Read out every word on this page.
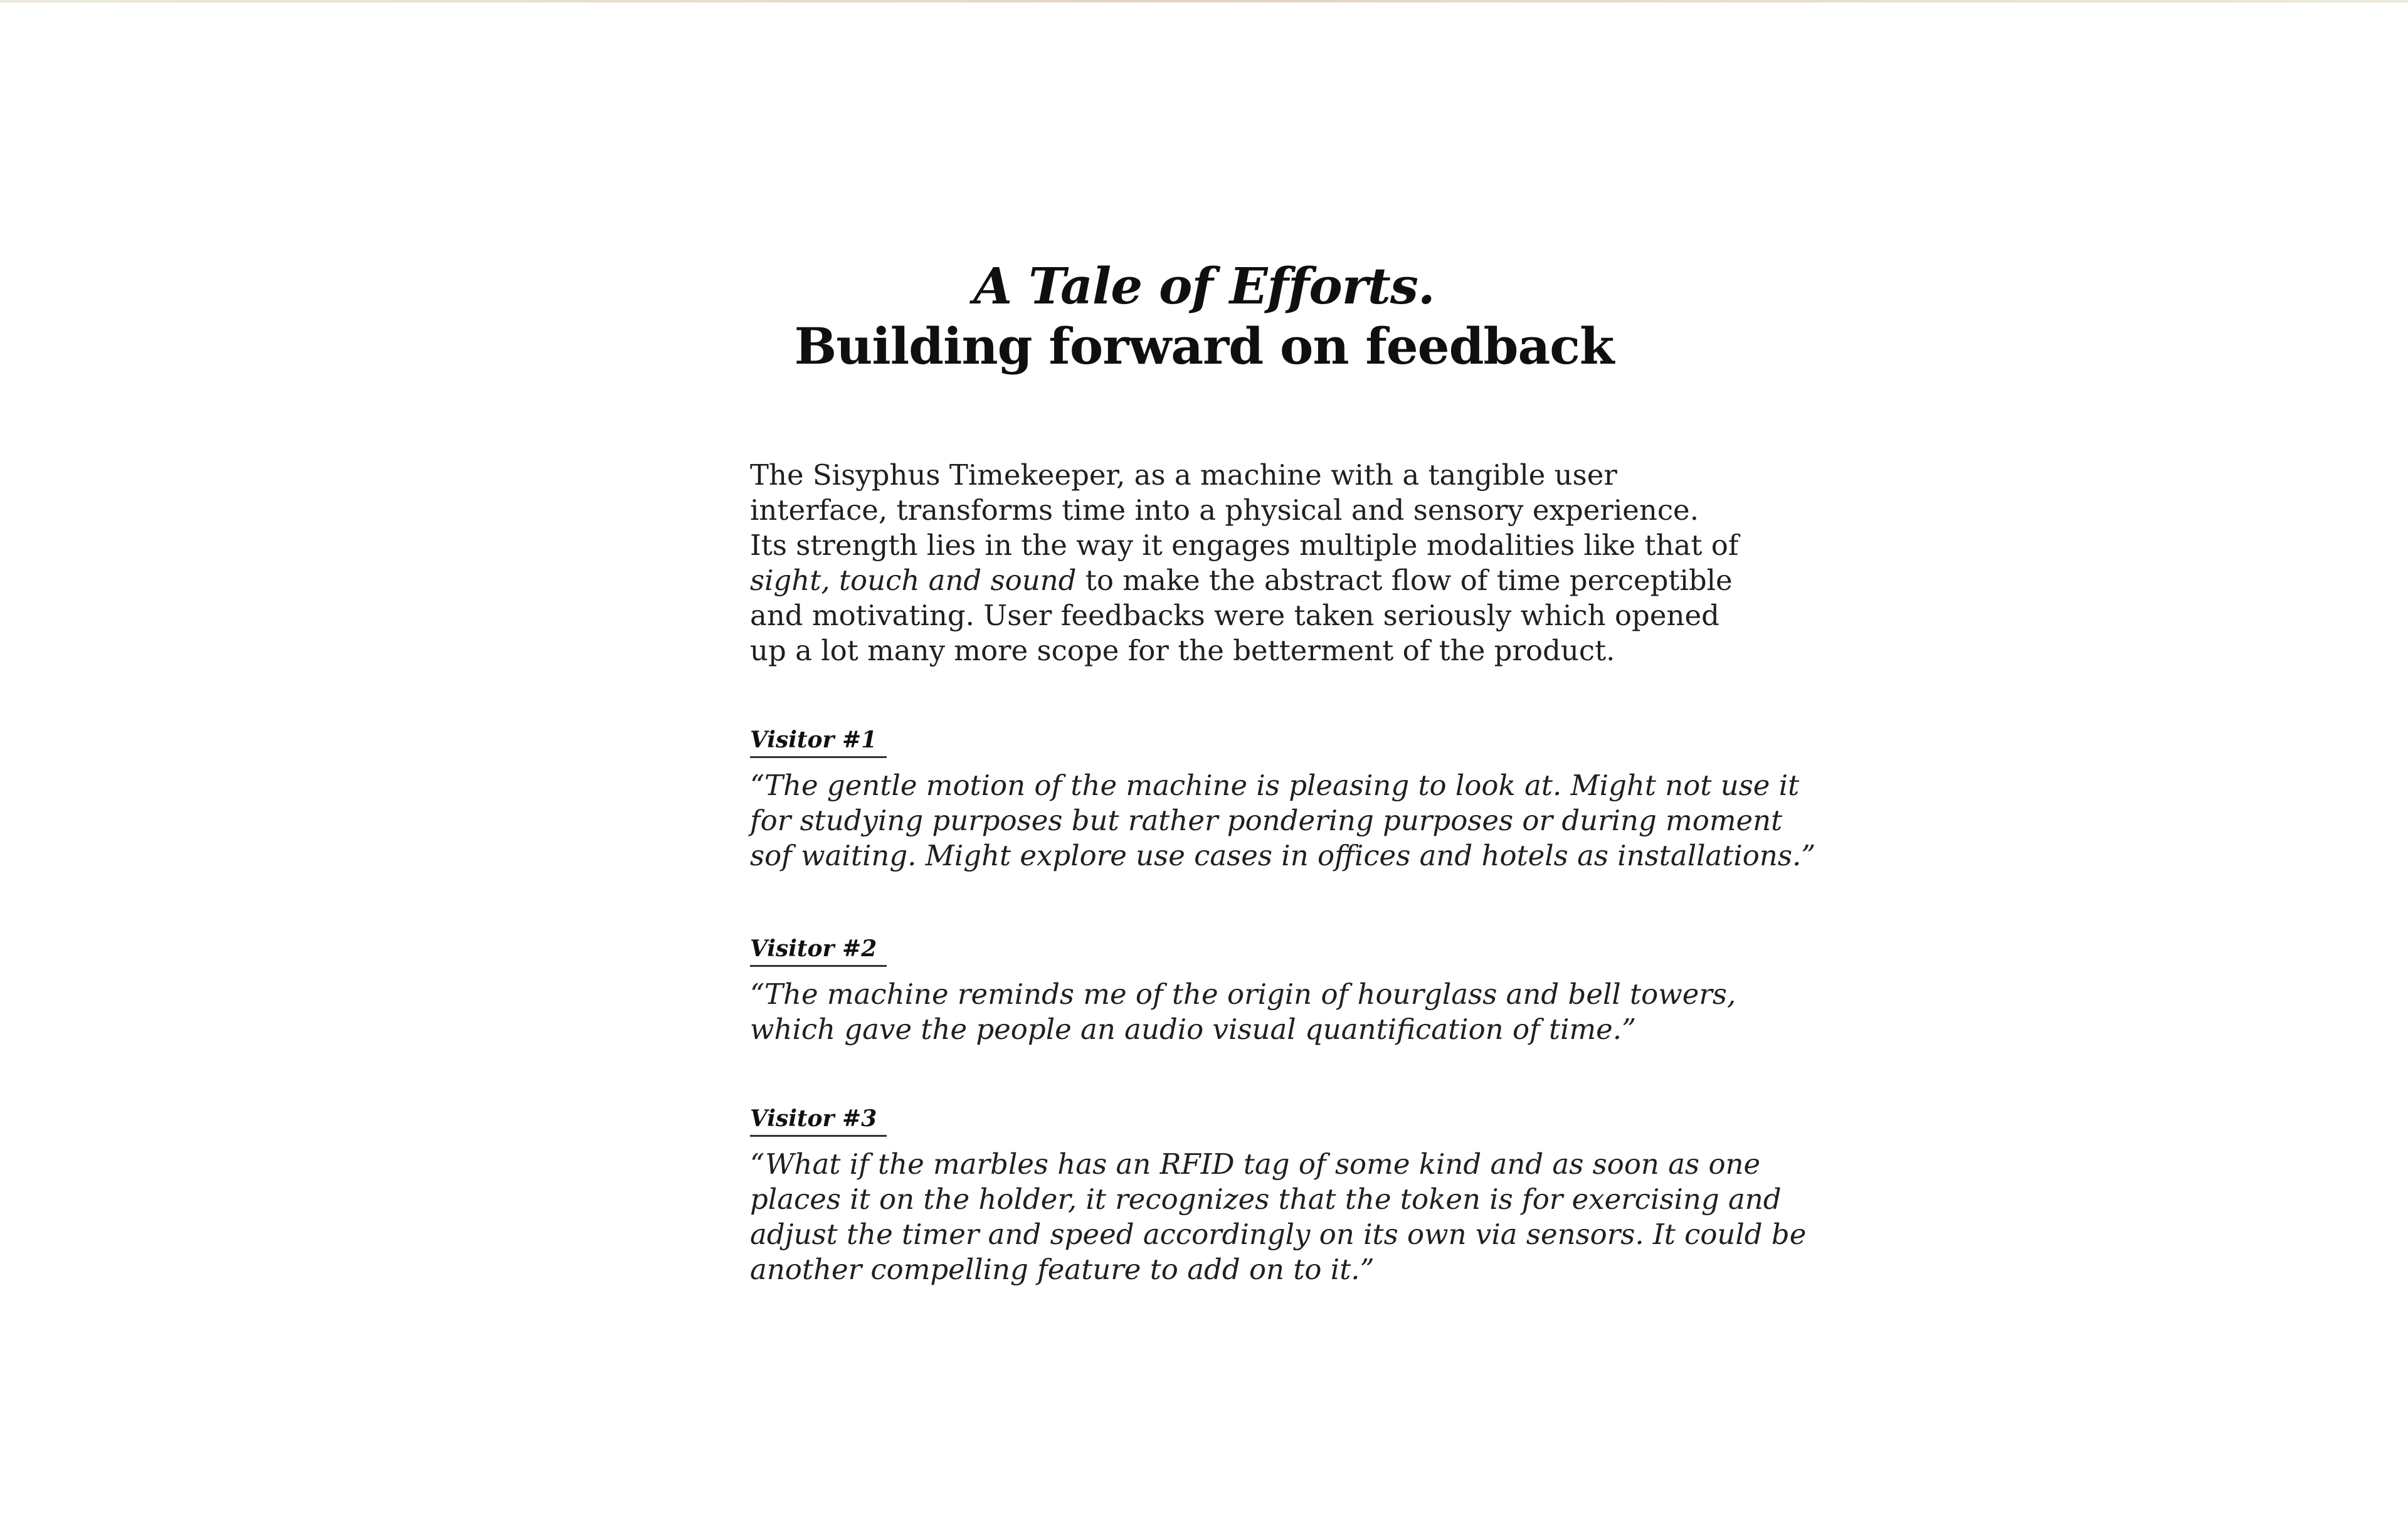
A Tale of Efforts.
Building forward on feedback
The Sisyphus Timekeeper, as a machine with a tangible user
interface, transforms time into a physical and sensory experience.
Its strength lies in the way it engages multiple modalities like that of
sight, touch and sound to make the abstract flow of time perceptible
and motivating. User feedbacks were taken seriously which opened
up a lot many more scope for the betterment of the product.
Visitor #1
“The gentle motion of the machine is pleasing to look at. Might not use it
for studying purposes but rather pondering purposes or during moment
sof waiting. Might explore use cases in offices and hotels as installations.”
Visitor #2
“The machine reminds me of the origin of hourglass and bell towers,
which gave the people an audio visual quantification of time.”
Visitor #3
“What if the marbles has an RFID tag of some kind and as soon as one
places it on the holder, it recognizes that the token is for exercising and
adjust the timer and speed accordingly on its own via sensors. It could be
another compelling feature to add on to it.”
